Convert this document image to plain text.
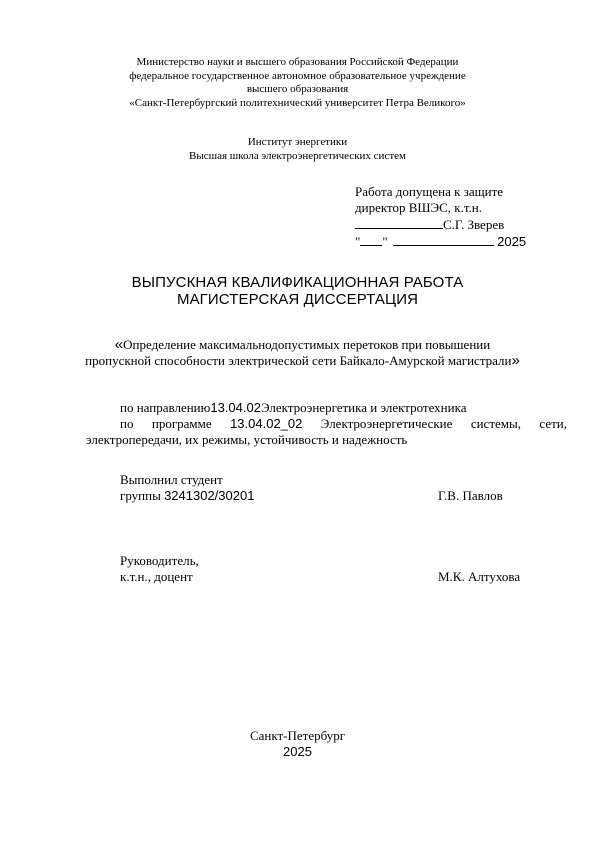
Министерство науки и высшего образования Российской Федерации
федеральное государственное автономное образовательное учреждение
высшего образования
«Санкт-Петербургский политехнический университет Петра Великого»
Институт энергетики
Высшая школа электроэнергетических систем
Работа допущена к защите
директор ВШЭС, к.т.н.
С.Г. Зверев
" "	2025
ВЫПУСКНАЯ КВАЛИФИКАЦИОННАЯ РАБОТА
МАГИСТЕРСКАЯ ДИССЕРТАЦИЯ
«Определение максимальнодопустимых перетоков при повышении
пропускной способности электрической сети Байкало-Амурской магистрали»
по направлению13.04.02Электроэнергетика и электротехника
по программе 13.04.02_02 Электроэнергетические системы, сети,
электропередачи, их режимы, устойчивость и надежность
Выполнил студент
группы 3241302/30201	Г.В. Павлов
Руководитель,
к.т.н., доцент	М.К. Алтухова
Санкт-Петербург
2025
